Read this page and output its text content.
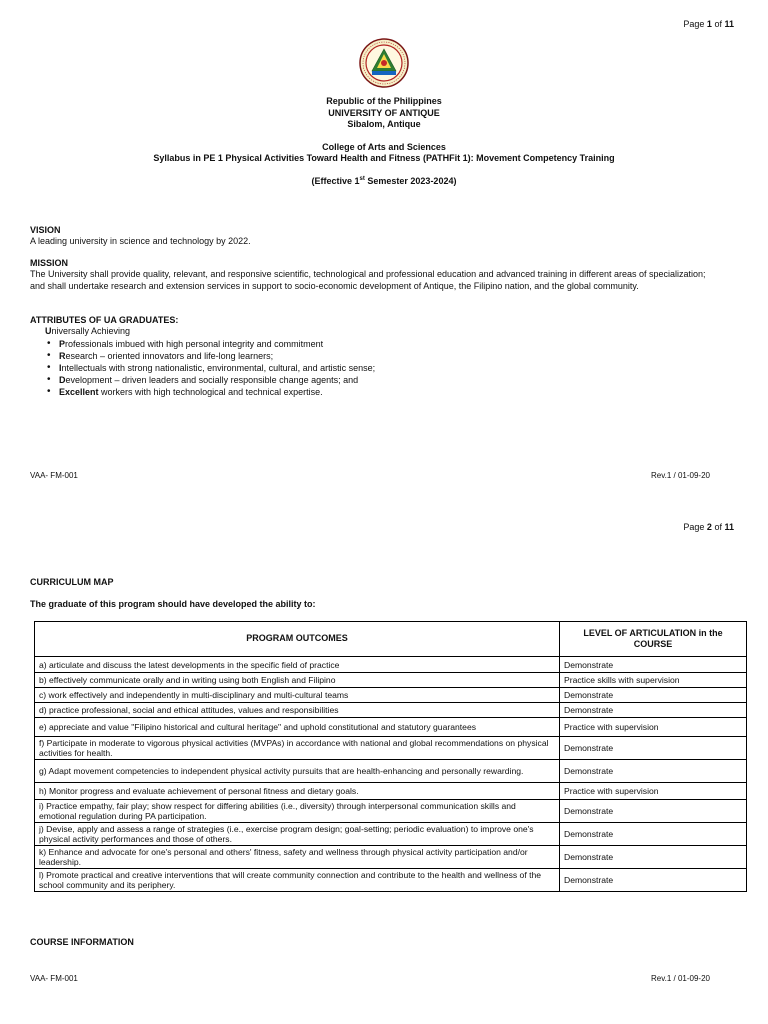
Page 1 of 11
Republic of the Philippines
UNIVERSITY OF ANTIQUE
Sibalom, Antique
College of Arts and Sciences
Syllabus in PE 1 Physical Activities Toward Health and Fitness (PATHFit 1): Movement Competency Training
(Effective 1st Semester 2023-2024)
VISION
A leading university in science and technology by 2022.
MISSION
The University shall provide quality, relevant, and responsive scientific, technological and professional education and advanced training in different areas of specialization; and shall undertake research and extension services in support to socio-economic development of Antique, the Filipino nation, and the global community.
ATTRIBUTES OF UA GRADUATES:
Universally Achieving
• Professionals imbued with high personal integrity and commitment
• Research – oriented innovators and life-long learners;
• Intellectuals with strong nationalistic, environmental, cultural, and artistic sense;
• Development – driven leaders and socially responsible change agents; and
• Excellent workers with high technological and technical expertise.
VAA- FM-001	Rev.1 / 01-09-20
Page 2 of 11
CURRICULUM MAP
The graduate of this program should have developed the ability to:
PROGRAM OUTCOMES	LEVEL OF ARTICULATION in the COURSE
a) articulate and discuss the latest developments in the specific field of practice	Demonstrate
b) effectively communicate orally and in writing using both English and Filipino	Practice skills with supervision
c) work effectively and independently in multi-disciplinary and multi-cultural teams	Demonstrate
d) practice professional, social and ethical attitudes, values and responsibilities	Demonstrate
e) appreciate and value "Filipino historical and cultural heritage" and uphold constitutional and statutory guarantees	Practice with supervision
f) Participate in moderate to vigorous physical activities (MVPAs) in accordance with national and global recommendations on physical activities for health.	Demonstrate
g) Adapt movement competencies to independent physical activity pursuits that are health-enhancing and personally rewarding.	Demonstrate
h) Monitor progress and evaluate achievement of personal fitness and dietary goals.	Practice with supervision
i) Practice empathy, fair play; show respect for differing abilities (i.e., diversity) through interpersonal communication skills and emotional regulation during PA participation.	Demonstrate
j) Devise, apply and assess a range of strategies (i.e., exercise program design; goal-setting; periodic evaluation) to improve one's physical activity performances and those of others.	Demonstrate
k) Enhance and advocate for one's personal and others' fitness, safety and wellness through physical activity participation and/or leadership.	Demonstrate
l) Promote practical and creative interventions that will create community connection and contribute to the health and wellness of the school community and its periphery.	Demonstrate
COURSE INFORMATION
VAA- FM-001	Rev.1 / 01-09-20
